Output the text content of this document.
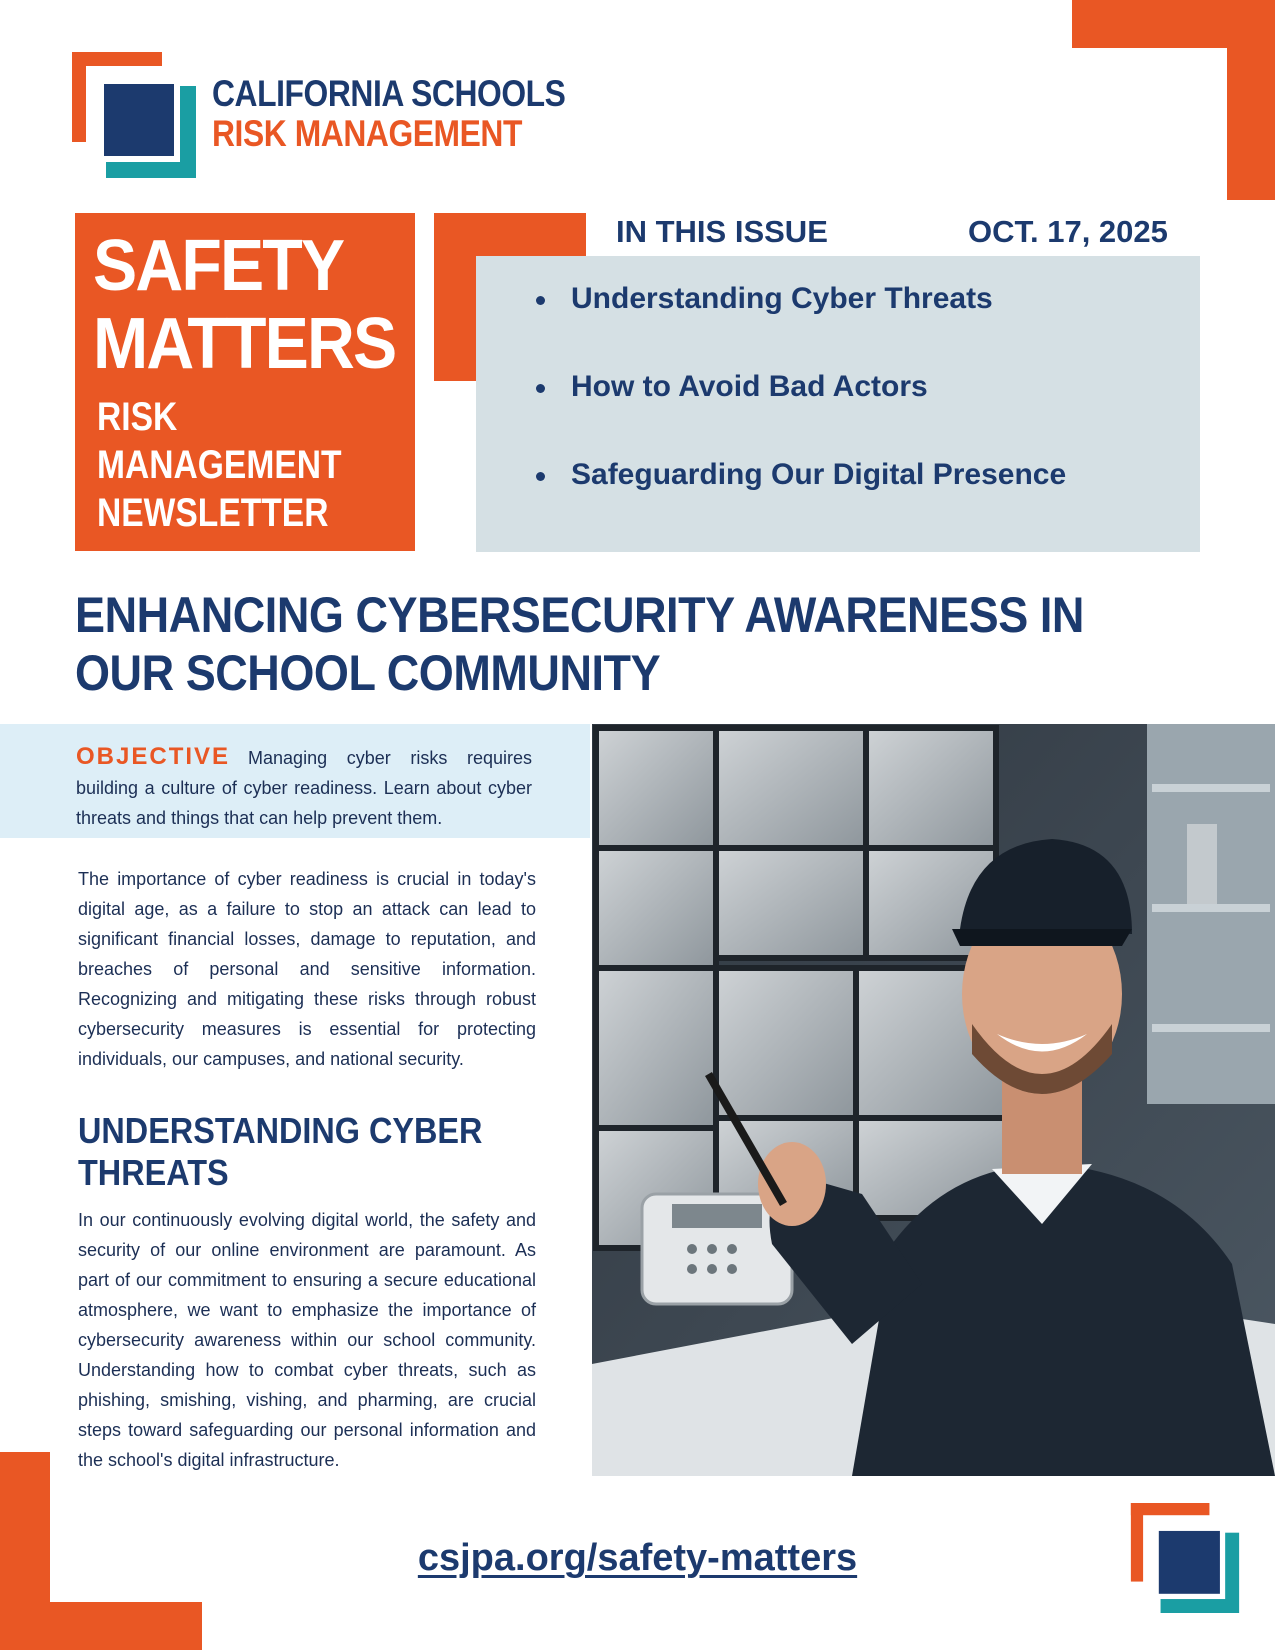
CALIFORNIA SCHOOLS
RISK MANAGEMENT
SAFETY
MATTERS
RISK
MANAGEMENT
NEWSLETTER
IN THIS ISSUE	OCT. 17, 2025
Understanding Cyber Threats
How to Avoid Bad Actors
Safeguarding Our Digital Presence
ENHANCING CYBERSECURITY AWARENESS IN OUR SCHOOL COMMUNITY
OBJECTIVE Managing cyber risks requires building a culture of cyber readiness. Learn about cyber threats and things that can help prevent them.
The importance of cyber readiness is crucial in today's digital age, as a failure to stop an attack can lead to significant financial losses, damage to reputation, and breaches of personal and sensitive information. Recognizing and mitigating these risks through robust cybersecurity measures is essential for protecting individuals, our campuses, and national security.
UNDERSTANDING CYBER
THREATS
In our continuously evolving digital world, the safety and security of our online environment are paramount. As part of our commitment to ensuring a secure educational atmosphere, we want to emphasize the importance of cybersecurity awareness within our school community. Understanding how to combat cyber threats, such as phishing, smishing, vishing, and pharming, are crucial steps toward safeguarding our personal information and the school's digital infrastructure.
csjpa.org/safety-matters
